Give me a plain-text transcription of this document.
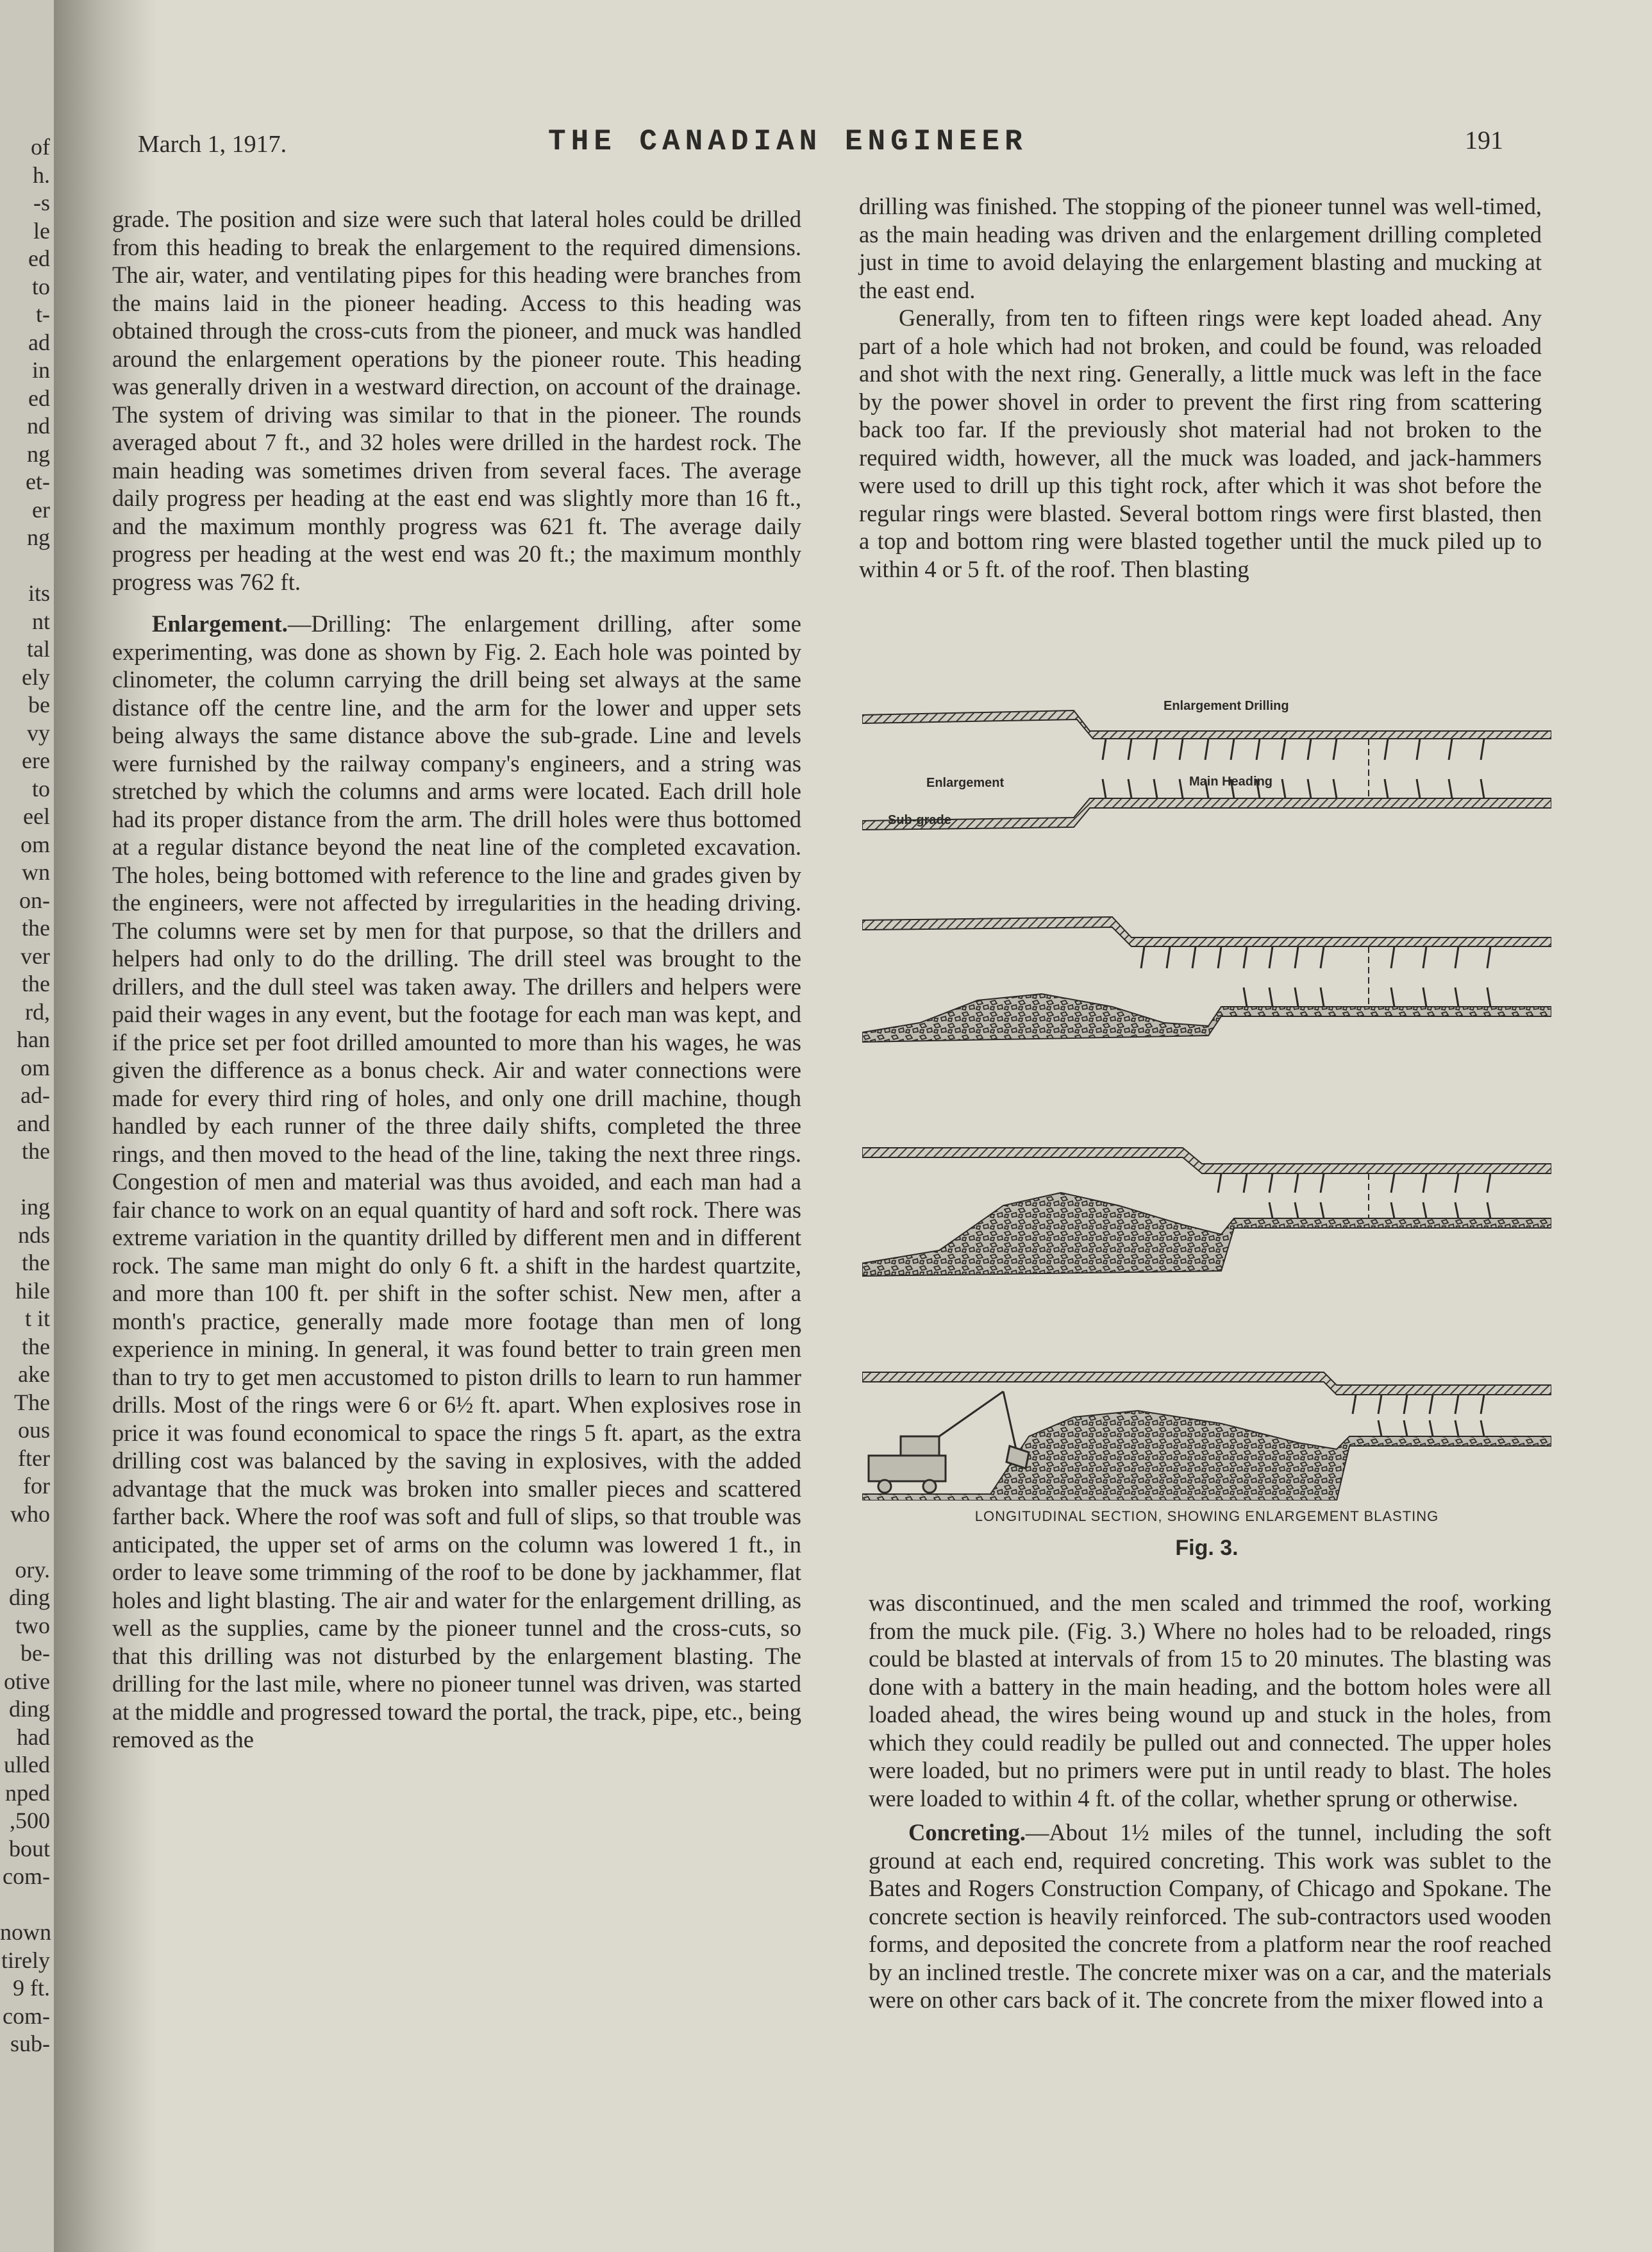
of
h.
-s
le
ed
to
t-
ad
in
ed
nd
ng
et-
er
ng

its
nt
tal
ely
be
vy
ere
to
eel
om
wn
on-
the
ver
the
rd,
han
om
ad-
and
the

ing
nds
the
hile
t it
the
ake
The
ous
fter
for
who

ory.
ding
two
be-
otive
ding
had
ulled
nped
,500
bout
com-

nown
tirely
9 ft.
com-
sub-
March 1, 1917.	THE CANADIAN ENGINEER	191

grade. The position and size were such that lateral holes could be drilled from this heading to break the enlargement to the required dimensions. The air, water, and ventilating pipes for this heading were branches from the mains laid in the pioneer heading. Access to this heading was obtained through the cross-cuts from the pioneer, and muck was handled around the enlargement operations by the pioneer route. This heading was generally driven in a westward direction, on account of the drainage. The system of driving was similar to that in the pioneer. The rounds averaged about 7 ft., and 32 holes were drilled in the hardest rock. The main heading was sometimes driven from several faces. The average daily progress per heading at the east end was slightly more than 16 ft., and the maximum monthly progress was 621 ft. The average daily progress per heading at the west end was 20 ft.; the maximum monthly progress was 762 ft.

Enlargement.—Drilling: The enlargement drilling, after some experimenting, was done as shown by Fig. 2. Each hole was pointed by clinometer, the column carrying the drill being set always at the same distance off the centre line, and the arm for the lower and upper sets being always the same distance above the sub-grade. Line and levels were furnished by the railway company's engineers, and a string was stretched by which the columns and arms were located. Each drill hole had its proper distance from the arm. The drill holes were thus bottomed at a regular distance beyond the neat line of the completed excavation. The holes, being bottomed with reference to the line and grades given by the engineers, were not affected by irregularities in the heading driving. The columns were set by men for that purpose, so that the drillers and helpers had only to do the drilling. The drill steel was brought to the drillers, and the dull steel was taken away. The drillers and helpers were paid their wages in any event, but the footage for each man was kept, and if the price set per foot drilled amounted to more than his wages, he was given the difference as a bonus check. Air and water connections were made for every third ring of holes, and only one drill machine, though handled by each runner of the three daily shifts, completed the three rings, and then moved to the head of the line, taking the next three rings. Congestion of men and material was thus avoided, and each man had a fair chance to work on an equal quantity of hard and soft rock. There was extreme variation in the quantity drilled by different men and in different rock. The same man might do only 6 ft. a shift in the hardest quartzite, and more than 100 ft. per shift in the softer schist. New men, after a month's practice, generally made more footage than men of long experience in mining. In general, it was found better to train green men than to try to get men accustomed to piston drills to learn to run hammer drills. Most of the rings were 6 or 6½ ft. apart. When explosives rose in price it was found economical to space the rings 5 ft. apart, as the extra drilling cost was balanced by the saving in explosives, with the added advantage that the muck was broken into smaller pieces and scattered farther back. Where the roof was soft and full of slips, so that trouble was anticipated, the upper set of arms on the column was lowered 1 ft., in order to leave some trimming of the roof to be done by jackhammer, flat holes and light blasting. The air and water for the enlargement drilling, as well as the supplies, came by the pioneer tunnel and the cross-cuts, so that this drilling was not disturbed by the enlargement blasting. The drilling for the last mile, where no pioneer tunnel was driven, was started at the middle and progressed toward the portal, the track, pipe, etc., being removed as the

drilling was finished. The stopping of the pioneer tunnel was well-timed, as the main heading was driven and the enlargement drilling completed just in time to avoid delaying the enlargement blasting and mucking at the east end.

Generally, from ten to fifteen rings were kept loaded ahead. Any part of a hole which had not broken, and could be found, was reloaded and shot with the next ring. Generally, a little muck was left in the face by the power shovel in order to prevent the first ring from scattering back too far. If the previously shot material had not broken to the required width, however, all the muck was loaded, and jack-hammers were used to drill up this tight rock, after which it was shot before the regular rings were blasted. Several bottom rings were first blasted, then a top and bottom ring were blasted together until the muck piled up to within 4 or 5 ft. of the roof. Then blasting

Enlargement Drilling
Enlargement	Main Heading
Sub-grade
LONGITUDINAL SECTION, SHOWING ENLARGEMENT BLASTING
Fig. 3.

was discontinued, and the men scaled and trimmed the roof, working from the muck pile. (Fig. 3.) Where no holes had to be reloaded, rings could be blasted at intervals of from 15 to 20 minutes. The blasting was done with a battery in the main heading, and the bottom holes were all loaded ahead, the wires being wound up and stuck in the holes, from which they could readily be pulled out and connected. The upper holes were loaded, but no primers were put in until ready to blast. The holes were loaded to within 4 ft. of the collar, whether sprung or otherwise.

Concreting.—About 1½ miles of the tunnel, including the soft ground at each end, required concreting. This work was sublet to the Bates and Rogers Construction Company, of Chicago and Spokane. The concrete section is heavily reinforced. The sub-contractors used wooden forms, and deposited the concrete from a platform near the roof reached by an inclined trestle. The concrete mixer was on a car, and the materials were on other cars back of it. The concrete from the mixer flowed into a
